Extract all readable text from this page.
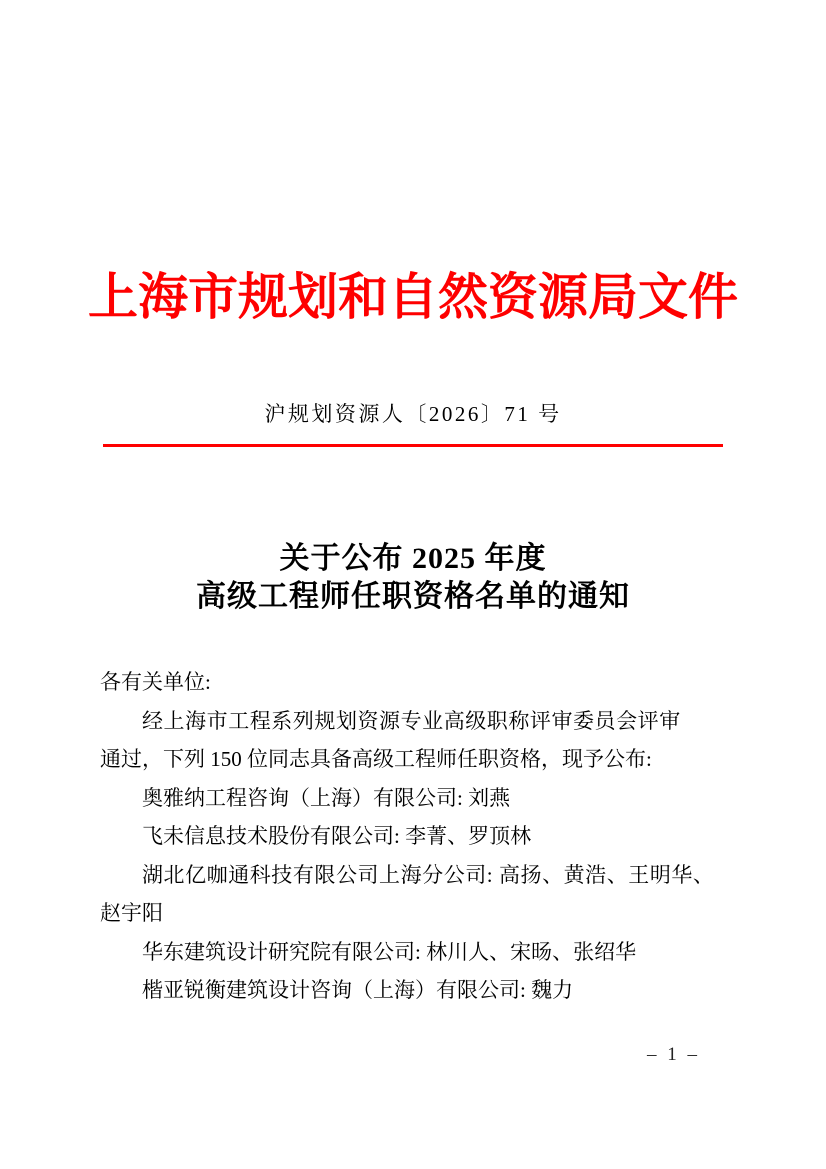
上海市规划和自然资源局文件
沪规划资源人〔2026〕71 号
关于公布 2025 年度
高级工程师任职资格名单的通知
各有关单位:
经上海市工程系列规划资源专业高级职称评审委员会评审
通过，下列 150 位同志具备高级工程师任职资格，现予公布:
奥雅纳工程咨询（上海）有限公司: 刘燕
飞未信息技术股份有限公司: 李菁、罗顶林
湖北亿咖通科技有限公司上海分公司: 高扬、黄浩、王明华、
赵宇阳
华东建筑设计研究院有限公司: 林川人、宋旸、张绍华
楷亚锐衡建筑设计咨询（上海）有限公司: 魏力
– 1 –
